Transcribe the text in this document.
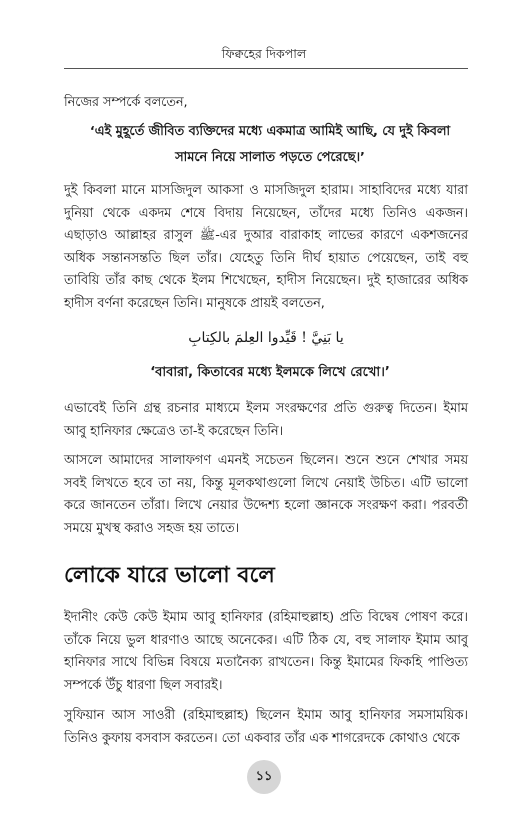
ফিক্বহের দিকপাল
নিজের সম্পর্কে বলতেন,
‘এই মুহূর্তে জীবিত ব্যক্তিদের মধ্যে একমাত্র আমিই আছি, যে দুই কিবলা
সামনে নিয়ে সালাত পড়তে পেরেছে।’
দুই কিবলা মানে মাসজিদুল আকসা ও মাসজিদুল হারাম। সাহাবিদের মধ্যে যারা দুনিয়া থেকে একদম শেষে বিদায় নিয়েছেন, তাঁদের মধ্যে তিনিও একজন। এছাড়াও আল্লাহর রাসুল ﷺ-এর দুআর বারাকাহ লাভের কারণে একশজনের অধিক সন্তানসন্ততি ছিল তাঁর। যেহেতু তিনি দীর্ঘ হায়াত পেয়েছেন, তাই বহু তাবিয়ি তাঁর কাছ থেকে ইলম শিখেছেন, হাদীস নিয়েছেন। দুই হাজারের অধিক হাদীস বর্ণনা করেছেন তিনি। মানুষকে প্রায়ই বলতেন,
يا بَنِيَّ ! قَيِّدوا العِلمَ بالكِتابِ
‘বাবারা, কিতাবের মধ্যে ইলমকে লিখে রেখো।’
এভাবেই তিনি গ্রন্থ রচনার মাধ্যমে ইলম সংরক্ষণের প্রতি গুরুত্ব দিতেন। ইমাম আবু হানিফার ক্ষেত্রেও তা-ই করেছেন তিনি।
আসলে আমাদের সালাফগণ এমনই সচেতন ছিলেন। শুনে শুনে শেখার সময় সবই লিখতে হবে তা নয়, কিন্তু মূলকথাগুলো লিখে নেয়াই উচিত। এটি ভালো করে জানতেন তাঁরা। লিখে নেয়ার উদ্দেশ্য হলো জ্ঞানকে সংরক্ষণ করা। পরবর্তী সময়ে মুখস্থ করাও সহজ হয় তাতে।
লোকে যারে ভালো বলে
ইদানীং কেউ কেউ ইমাম আবু হানিফার (রহিমাহুল্লাহ) প্রতি বিদ্বেষ পোষণ করে। তাঁকে নিয়ে ভুল ধারণাও আছে অনেকের। এটি ঠিক যে, বহু সালাফ ইমাম আবু হানিফার সাথে বিভিন্ন বিষয়ে মতানৈক্য রাখতেন। কিন্তু ইমামের ফিকহি পাণ্ডিত্য সম্পর্কে উঁচু ধারণা ছিল সবারই।
সুফিয়ান আস সাওরী (রহিমাহুল্লাহ) ছিলেন ইমাম আবু হানিফার সমসাময়িক। তিনিও কুফায় বসবাস করতেন। তো একবার তাঁর এক শাগরেদকে কোথাও থেকে
১১
